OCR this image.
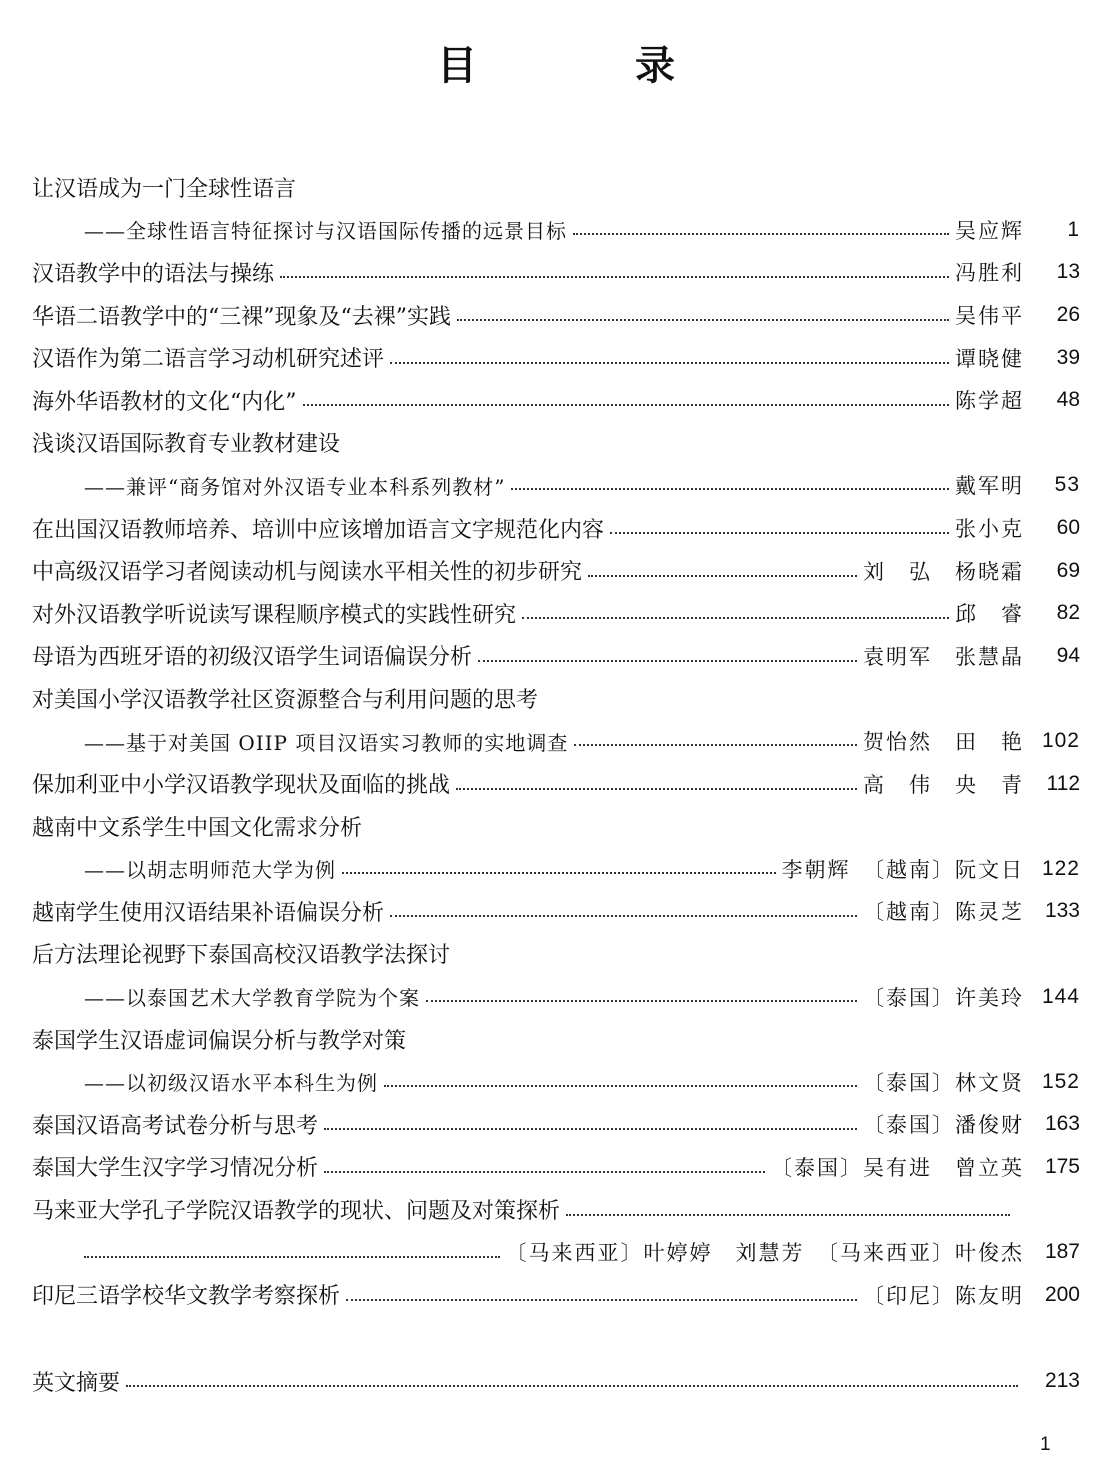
目 录
让汉语成为一门全球性语言
——全球性语言特征探讨与汉语国际传播的远景目标	吴应辉	1
汉语教学中的语法与操练	冯胜利	13
华语二语教学中的“三裸”现象及“去裸”实践	吴伟平	26
汉语作为第二语言学习动机研究述评	谭晓健	39
海外华语教材的文化“内化”	陈学超	48
浅谈汉语国际教育专业教材建设
——兼评“商务馆对外汉语专业本科系列教材”	戴军明	53
在出国汉语教师培养、培训中应该增加语言文字规范化内容	张小克	60
中高级汉语学习者阅读动机与阅读水平相关性的初步研究	刘　弘　杨晓霜	69
对外汉语教学听说读写课程顺序模式的实践性研究	邱　睿	82
母语为西班牙语的初级汉语学生词语偏误分析	袁明军　张慧晶	94
对美国小学汉语教学社区资源整合与利用问题的思考
——基于对美国 OIIP 项目汉语实习教师的实地调查	贺怡然　田　艳 102
保加利亚中小学汉语教学现状及面临的挑战	高　伟　央　青	112
越南中文系学生中国文化需求分析
——以胡志明师范大学为例	李朝辉　〔越南〕阮文日 122
越南学生使用汉语结果补语偏误分析	〔越南〕陈灵芝 133
后方法理论视野下泰国高校汉语教学法探讨
——以泰国艺术大学教育学院为个案	〔泰国〕许美玲 144
泰国学生汉语虚词偏误分析与教学对策
——以初级汉语水平本科生为例	〔泰国〕林文贤 152
泰国汉语高考试卷分析与思考	〔泰国〕潘俊财 163
泰国大学生汉字学习情况分析	〔泰国〕吴有进　曾立英 175
马来亚大学孔子学院汉语教学的现状、问题及对策探析
〔马来西亚〕叶婷婷　刘慧芳　〔马来西亚〕叶俊杰 187
印尼三语学校华文教学考察探析	〔印尼〕陈友明 200
英文摘要	213
1
